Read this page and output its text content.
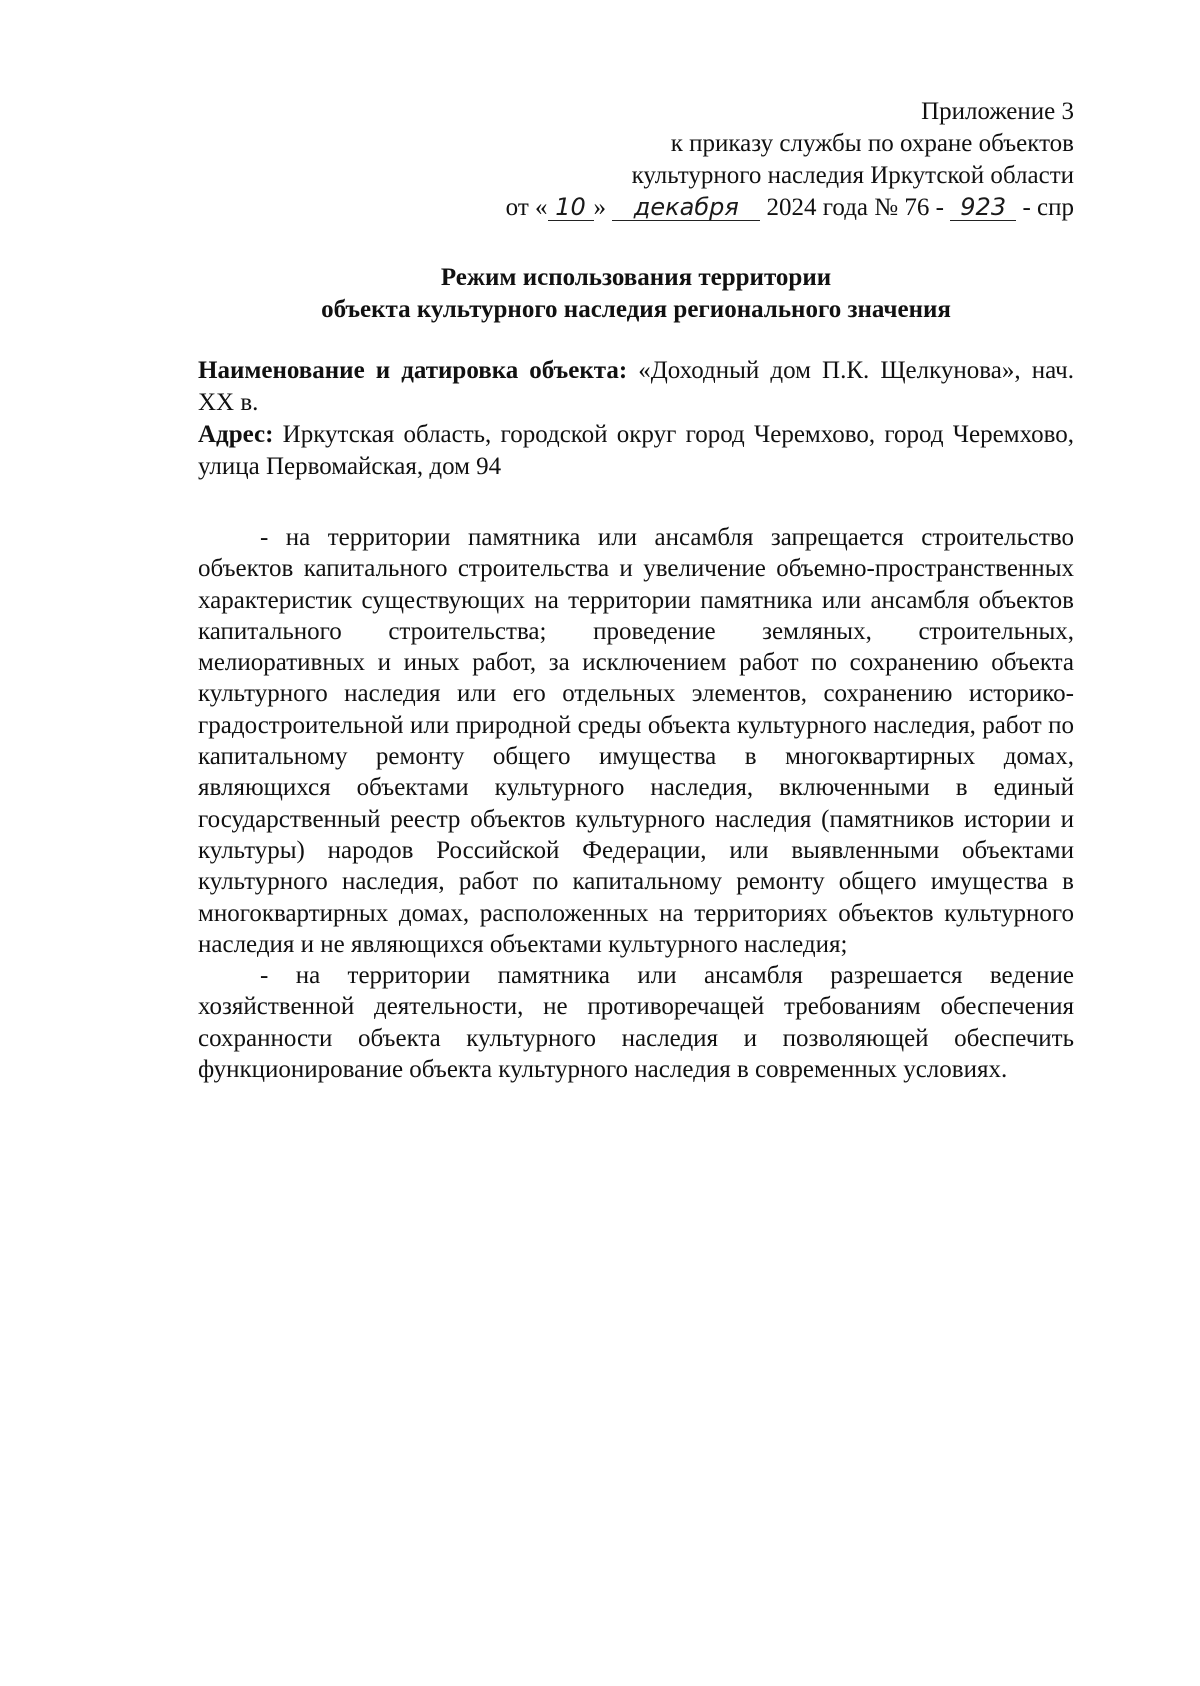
Приложение 3
к приказу службы по охране объектов
культурного наследия Иркутской области
от « 10 » декабря 2024 года № 76 - 923 - спр
Режим использования территории
объекта культурного наследия регионального значения

Наименование и датировка объекта: «Доходный дом П.К. Щелкунова», нач. XX в.

Адрес: Иркутская область, городской округ город Черемхово, город Черемхово, улица Первомайская, дом 94

- на территории памятника или ансамбля запрещается строительство объектов капитального строительства и увеличение объемно-пространственных характеристик существующих на территории памятника или ансамбля объектов капитального строительства; проведение земляных, строительных, мелиоративных и иных работ, за исключением работ по сохранению объекта культурного наследия или его отдельных элементов, сохранению историко-градостроительной или природной среды объекта культурного наследия, работ по капитальному ремонту общего имущества в многоквартирных домах, являющихся объектами культурного наследия, включенными в единый государственный реестр объектов культурного наследия (памятников истории и культуры) народов Российской Федерации, или выявленными объектами культурного наследия, работ по капитальному ремонту общего имущества в многоквартирных домах, расположенных на территориях объектов культурного наследия и не являющихся объектами культурного наследия;

- на территории памятника или ансамбля разрешается ведение хозяйственной деятельности, не противоречащей требованиям обеспечения сохранности объекта культурного наследия и позволяющей обеспечить функционирование объекта культурного наследия в современных условиях.
